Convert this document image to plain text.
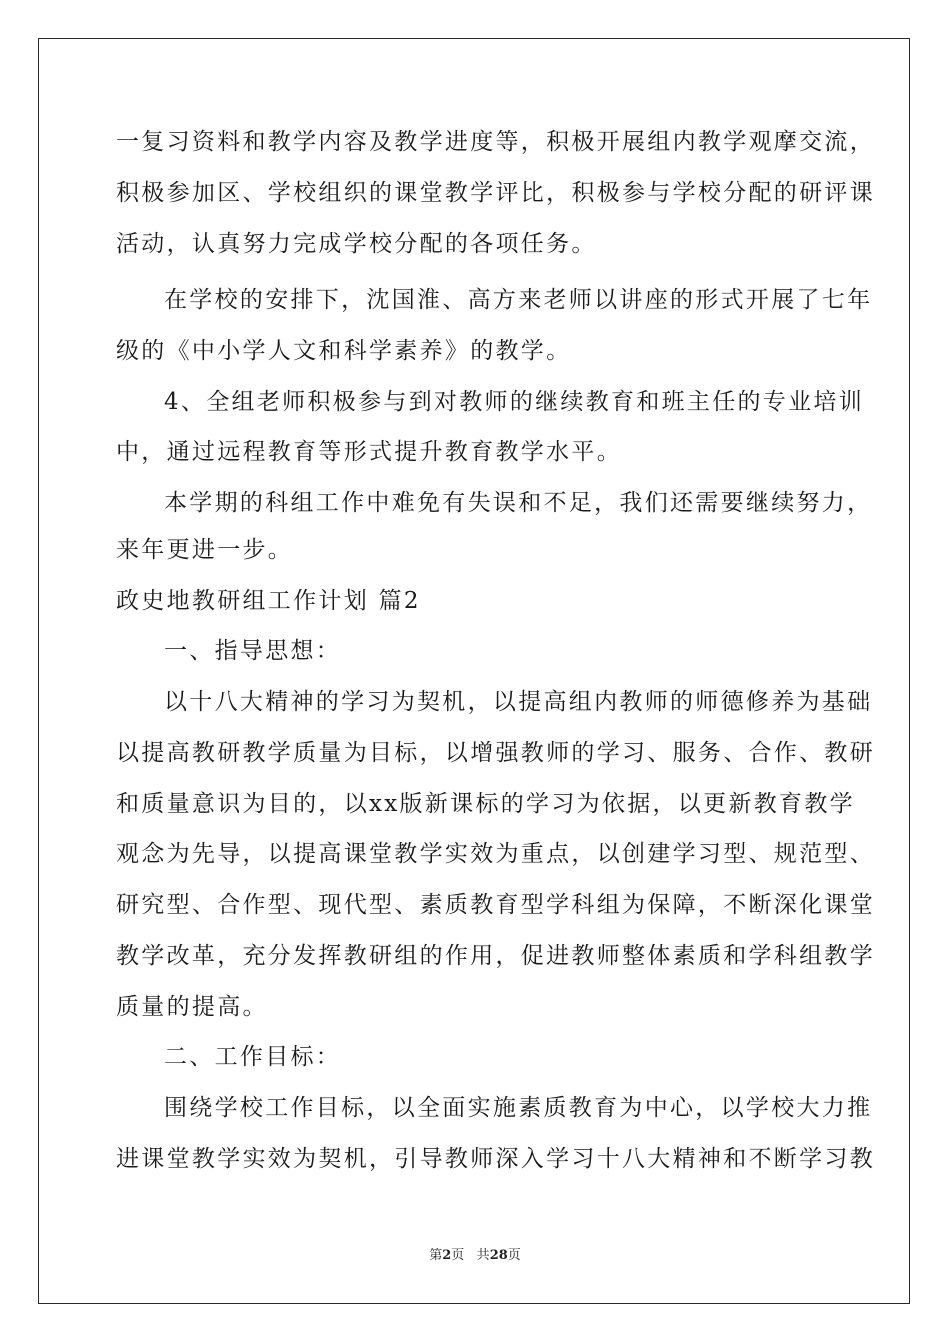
一复习资料和教学内容及教学进度等，积极开展组内教学观摩交流，
积极参加区、学校组织的课堂教学评比，积极参与学校分配的研评课
活动，认真努力完成学校分配的各项任务。
在学校的安排下，沈国淮、高方来老师以讲座的形式开展了七年
级的《中小学人文和科学素养》的教学。
4、全组老师积极参与到对教师的继续教育和班主任的专业培训
中，通过远程教育等形式提升教育教学水平。
本学期的科组工作中难免有失误和不足，我们还需要继续努力，
来年更进一步。
政史地教研组工作计划 篇2
一、指导思想：
以十八大精神的学习为契机，以提高组内教师的师德修养为基础
以提高教研教学质量为目标，以增强教师的学习、服务、合作、教研
和质量意识为目的，以xx版新课标的学习为依据，以更新教育教学
观念为先导，以提高课堂教学实效为重点，以创建学习型、规范型、
研究型、合作型、现代型、素质教育型学科组为保障，不断深化课堂
教学改革，充分发挥教研组的作用，促进教师整体素质和学科组教学
质量的提高。
二、工作目标：
围绕学校工作目标，以全面实施素质教育为中心，以学校大力推
进课堂教学实效为契机，引导教师深入学习十八大精神和不断学习教
第2页 共28页
